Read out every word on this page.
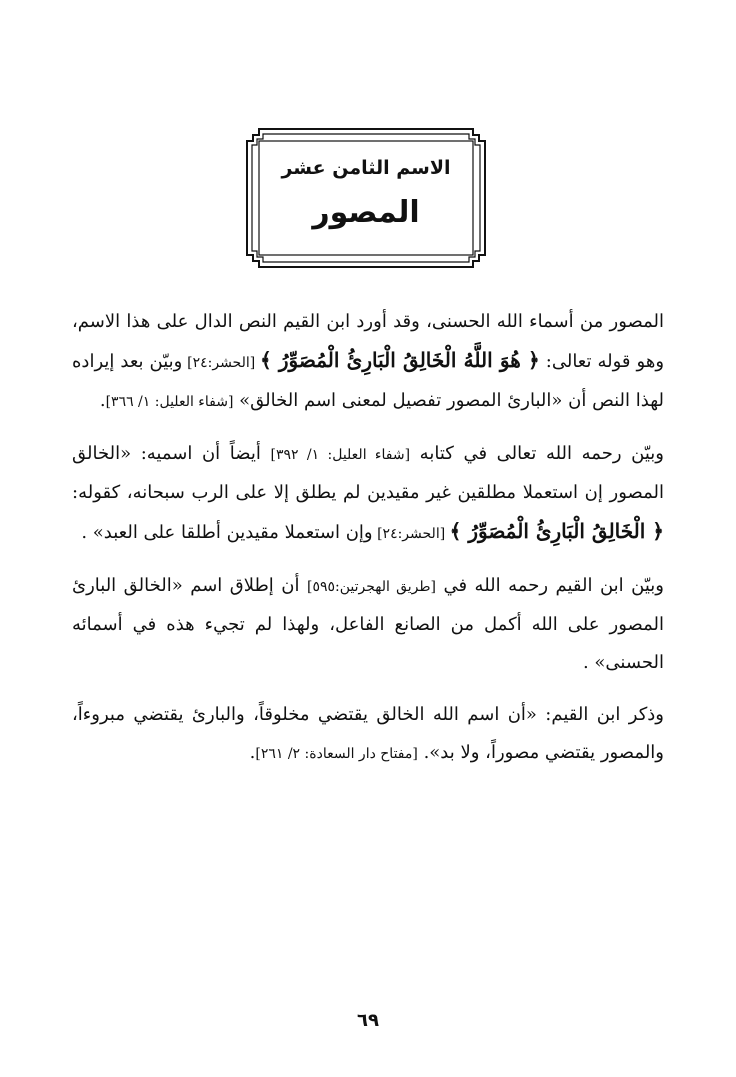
الاسم الثامن عشر
المصور

المصور من أسماء الله الحسنى، وقد أورد ابن القيم النص الدال على هذا الاسم، وهو قوله تعالى: ﴿ هُوَ اللَّهُ الْخَالِقُ الْبَارِئُ الْمُصَوِّرُ ﴾ [الحشر:٢٤] وبيّن بعد إيراده لهذا النص أن «البارئ المصور تفصيل لمعنى اسم الخالق» [شفاء العليل: ١/ ٣٦٦].

وبيّن رحمه الله تعالى في كتابه [شفاء العليل: ١/ ٣٩٢] أيضاً أن اسميه: «الخالق المصور إن استعملا مطلقين غير مقيدين لم يطلق إلا على الرب سبحانه، كقوله: ﴿ الْخَالِقُ الْبَارِئُ الْمُصَوِّرُ ﴾ [الحشر:٢٤] وإن استعملا مقيدين أطلقا على العبد» .

وبيّن ابن القيم رحمه الله في [طريق الهجرتين:٥٩٥] أن إطلاق اسم «الخالق البارئ المصور على الله أكمل من الصانع الفاعل، ولهذا لم تجيء هذه في أسمائه الحسنى» .

وذكر ابن القيم: «أن اسم الله الخالق يقتضي مخلوقاً، والبارئ يقتضي مبروءاً، والمصور يقتضي مصوراً، ولا بد». [مفتاح دار السعادة: ٢/ ٢٦١].

٦٩
